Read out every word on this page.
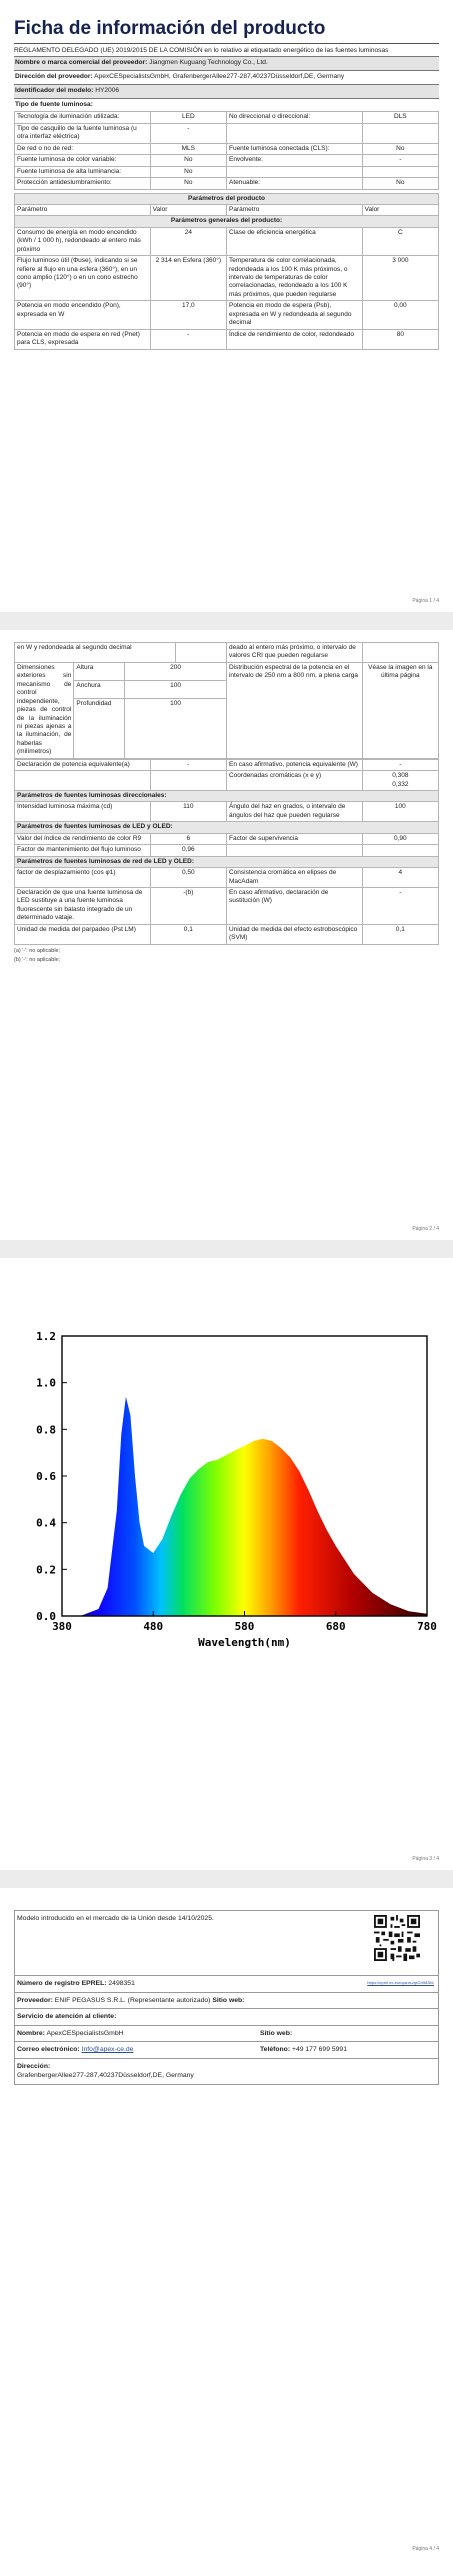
Ficha de información del producto
REGLAMENTO DELEGADO (UE) 2019/2015 DE LA COMISIÓN en lo relativo al etiquetado energético de las fuentes luminosas
Nombre o marca comercial del proveedor: Jiangmen Kuguang Technology Co., Ltd.
Dirección del proveedor: ApexCESpecialistsGmbH, GrafenbergerAllee277-287,40237Düsseldorf,DE, Germany
Identificador del modelo: HY2006
Tipo de fuente luminosa:
Tecnología de iluminación utilizada:	LED	No direccional o direccional:	DLS
Tipo de casquillo de la fuente luminosa (u otra interfaz eléctrica)	-		
De red o no de red:	MLS	Fuente luminosa conectada (CLS):	No
Fuente luminosa de color variable:	No	Envolvente:	-
Fuente luminosa de alta luminancia:	No		
Protección antideslumbramiento:	No	Atenuable:	No
Parámetros del producto			
Parámetro	Valor	Parámetro	Valor
Parámetros generales del producto:			
Consumo de energía en modo encendido (kWh / 1 000 h), redondeado al entero más próximo	24	Clase de eficiencia energética	C
Flujo luminoso útil (Φuse), indicando si se refiere al flujo en una esfera (360°), en un cono amplio (120°) o en un cono estrecho (90°)	2 314 en Esfera (360°)	Temperatura de color correlacionada, redondeada a los 100 K más próximos, o intervalo de temperaturas de color correlacionadas, redondeado a los 100 K más próximos, que pueden regularse	3 000
Potencia en modo encendido (Pon), expresada en W	17,0	Potencia en modo de espera (Psb), expresada en W y redondeada al segundo decimal	0,00
Potencia en modo de espera en red (Pnet) para CLS, expresada	-	Índice de rendimiento de color, redondeado	80
Página 1 / 4
en W y redondeada al segundo decimal				deado al entero más próximo, o intervalo de valores CRI que pueden regularse	
Dimensiones exteriores sin mecanismo de control independiente, piezas de control de la iluminación ni piezas ajenas a la iluminación, de haberlas (milímetros)	Altura	200		Distribución espectral de la potencia en el intervalo de 250 nm a 800 nm, a plena carga	Véase la imagen en la última página
	Anchura	100			
	Profundidad	100			
Declaración de potencia equivalente(a)	-	En caso afirmativo, potencia equivalente (W)	-
		Coordenadas cromáticas (x e y)	0,308
0,332
Parámetros de fuentes luminosas direccionales:			
Intensidad luminosa máxima (cd)	110	Ángulo del haz en grados, o intervalo de ángulos del haz que pueden regularse	100
Parámetros de fuentes luminosas de LED y OLED:			
Valor del índice de rendimiento de color R9	6	Factor de supervivencia	0,90
Factor de mantenimiento del flujo luminoso	0,96		
Parámetros de fuentes luminosas de red de LED y OLED:			
factor de desplazamiento (cos φ1)	0,50	Consistencia cromática en elipses de MacAdam	4
Declaración de que una fuente luminosa de LED sustituye a una fuente luminosa fluorescente sin balasto integrado de un determinado vataje.	-(b)	En caso afirmativo, declaración de sustitución (W)	-
Unidad de medida del parpadeo (Pst LM)	0,1	Unidad de medida del efecto estroboscópico (SVM)	0,1
(a) '-': no aplicable;
(b) '-': no aplicable;
Página 2 / 4
380	480	580	680	780
0.0
0.2
0.4
0.6
0.8
1.0
1.2
Wavelength(nm)
Página 3 / 4
Modelo introducido en el mercado de la Unión desde 14/10/2025.
Número de registro EPREL: 2498351	https://eprel.ec.europa.eu/qr/2498351
Proveedor: ENIF PEGASUS S.R.L. (Representante autorizado) Sitio web:
Servicio de atención al cliente:
Nombre: ApexCESpecialistsGmbH	Sitio web:
Correo electrónico: Info@apex-ce.de	Teléfono: +49 177 699 5991
Dirección:
GrafenbergerAllee277-287,40237Düsseldorf,DE, Germany
Página 4 / 4
